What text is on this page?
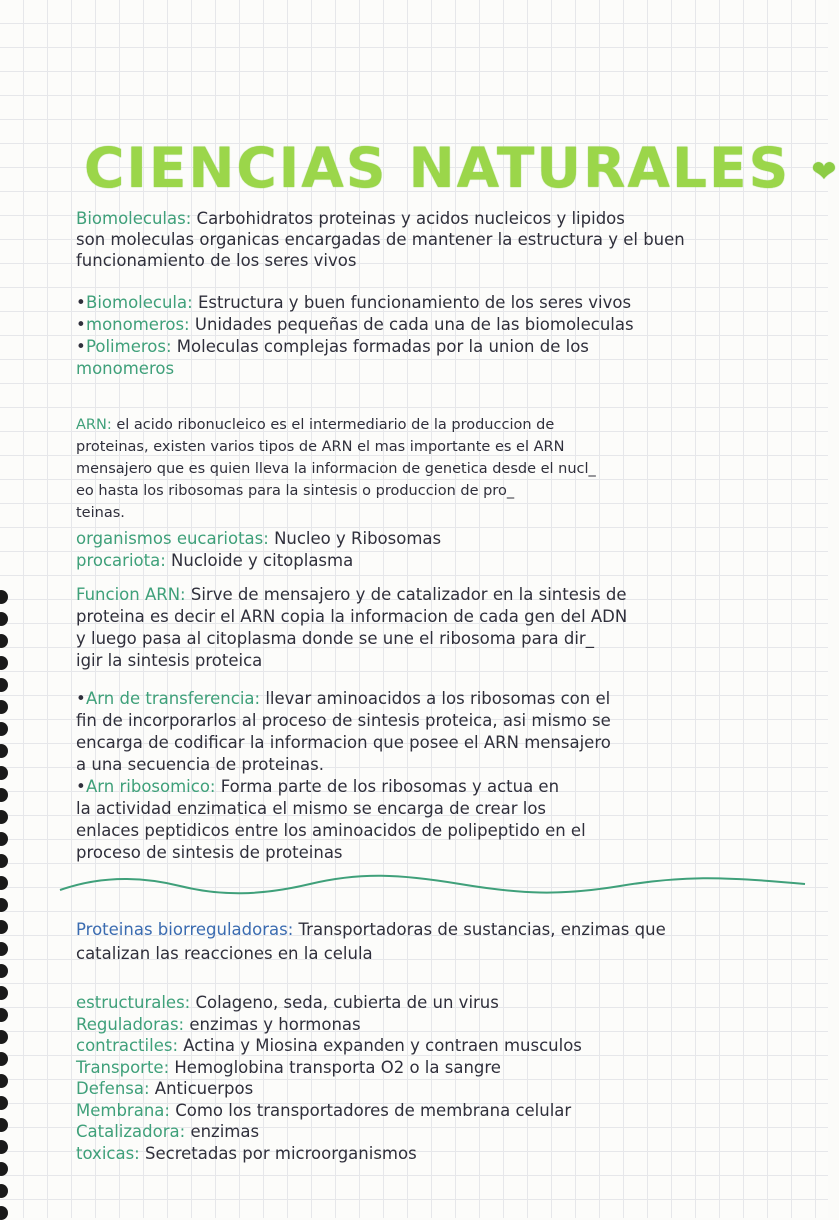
CIENCIAS NATURALES ❤
Biomoleculas: Carbohidratos proteinas y acidos nucleicos y lipidos
son moleculas organicas encargadas de mantener la estructura y el buen
funcionamiento de los seres vivos
•Biomolecula: Estructura y buen funcionamiento de los seres vivos
•monomeros: Unidades pequeñas de cada una de las biomoleculas
•Polimeros: Moleculas complejas formadas por la union de los
monomeros
ARN: el acido ribonucleico es el intermediario de la produccion de
proteinas, existen varios tipos de ARN el mas importante es el ARN
mensajero que es quien lleva la informacion de genetica desde el nucl_
eo hasta los ribosomas para la sintesis o produccion de pro_
teinas.
organismos eucariotas: Nucleo y Ribosomas
procariota: Nucloide y citoplasma
Funcion ARN: Sirve de mensajero y de catalizador en la sintesis de
proteina es decir el ARN copia la informacion de cada gen del ADN
y luego pasa al citoplasma donde se une el ribosoma para dir_
igir la sintesis proteica
•Arn de transferencia: llevar aminoacidos a los ribosomas con el
fin de incorporarlos al proceso de sintesis proteica, asi mismo se
encarga de codificar la informacion que posee el ARN mensajero
a una secuencia de proteinas.
•Arn ribosomico: Forma parte de los ribosomas y actua en
la actividad enzimatica el mismo se encarga de crear los
enlaces peptidicos entre los aminoacidos de polipeptido en el
proceso de sintesis de proteinas
Proteinas biorreguladoras: Transportadoras de sustancias, enzimas que
catalizan las reacciones en la celula
estructurales: Colageno, seda, cubierta de un virus
Reguladoras: enzimas y hormonas
contractiles: Actina y Miosina expanden y contraen musculos
Transporte: Hemoglobina transporta O2 o la sangre
Defensa: Anticuerpos
Membrana: Como los transportadores de membrana celular
Catalizadora: enzimas
toxicas: Secretadas por microorganismos
